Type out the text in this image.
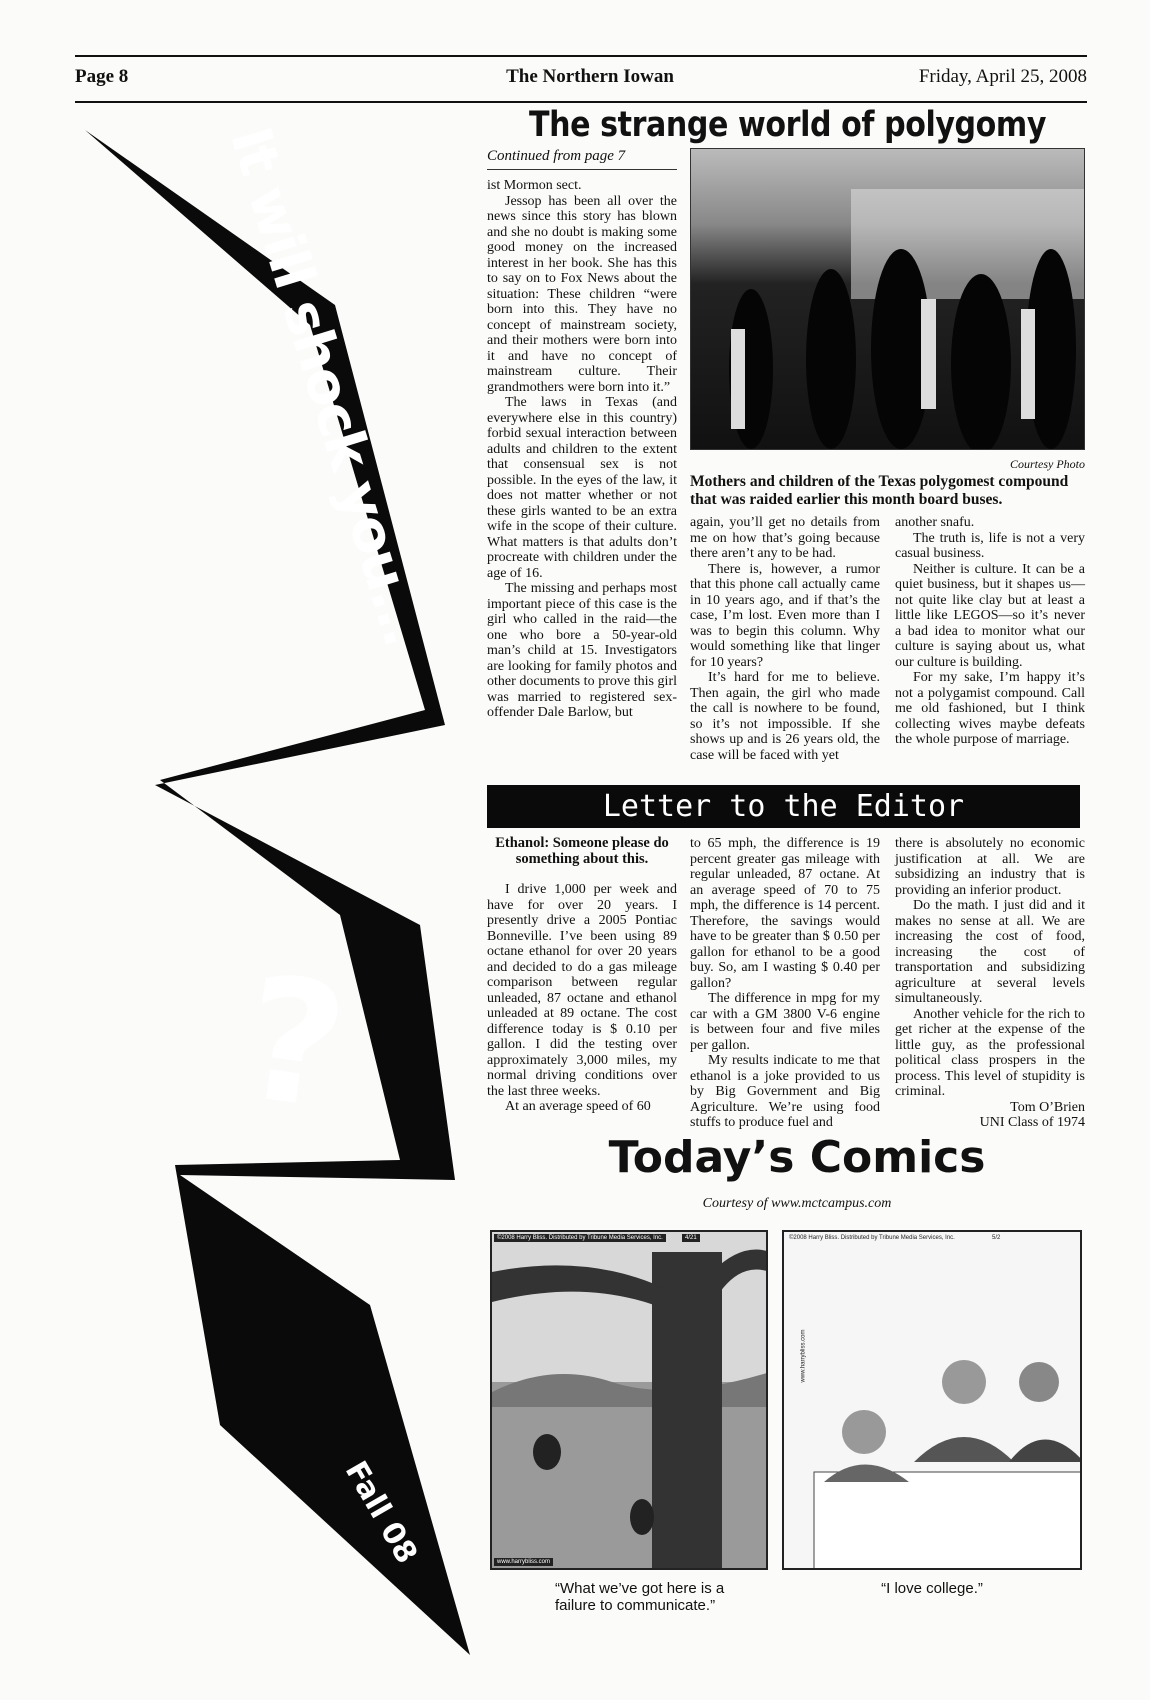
Page 8	The Northern Iowan	Friday, April 25, 2008
It will shock you...
?
Fall 08
The strange world of polygomy
Continued from page 7

ist Mormon sect.

Jessop has been all over the news since this story has blown and she no doubt is making some good money on the increased interest in her book. She has this to say on to Fox News about the situation: These children “were born into this. They have no concept of mainstream society, and their mothers were born into it and have no concept of mainstream culture. Their grandmothers were born into it.”

The laws in Texas (and everywhere else in this country) forbid sexual interaction between adults and children to the extent that consensual sex is not possible. In the eyes of the law, it does not matter whether or not these girls wanted to be an extra wife in the scope of their culture. What matters is that adults don’t procreate with children under the age of 16.

The missing and perhaps most important piece of this case is the girl who called in the raid—the one who bore a 50-year-old man’s child at 15. Investigators are looking for family photos and other documents to prove this girl was married to registered sex-offender Dale Barlow, but

Courtesy Photo
Mothers and children of the Texas polygomest compound that was raided earlier this month board buses.

again, you’ll get no details from me on how that’s going because there aren’t any to be had.

There is, however, a rumor that this phone call actually came in 10 years ago, and if that’s the case, I’m lost. Even more than I was to begin this column. Why would something like that linger for 10 years?

It’s hard for me to believe. Then again, the girl who made the call is nowhere to be found, so it’s not impossible. If she shows up and is 26 years old, the case will be faced with yet

another snafu.

The truth is, life is not a very casual business.

Neither is culture. It can be a quiet business, but it shapes us—not quite like clay but at least a little like LEGOS—so it’s never a bad idea to monitor what our culture is saying about us, what our culture is building.

For my sake, I’m happy it’s not a polygamist compound. Call me old fashioned, but I think collecting wives maybe defeats the whole purpose of marriage.

Letter to the Editor

Ethanol: Someone please do something about this.

I drive 1,000 per week and have for over 20 years. I presently drive a 2005 Pontiac Bonneville. I’ve been using 89 octane ethanol for over 20 years and decided to do a gas mileage comparison between regular unleaded, 87 octane and ethanol unleaded at 89 octane. The cost difference today is $ 0.10 per gallon. I did the testing over approximately 3,000 miles, my normal driving conditions over the last three weeks.

At an average speed of 60

to 65 mph, the difference is 19 percent greater gas mileage with regular unleaded, 87 octane. At an average speed of 70 to 75 mph, the difference is 14 percent. Therefore, the savings would have to be greater than $ 0.50 per gallon for ethanol to be a good buy. So, am I wasting $ 0.40 per gallon?

The difference in mpg for my car with a GM 3800 V-6 engine is between four and five miles per gallon.

My results indicate to me that ethanol is a joke provided to us by Big Government and Big Agriculture. We’re using food stuffs to produce fuel and

there is absolutely no economic justification at all. We are subsidizing an industry that is providing an inferior product.

Do the math. I just did and it makes no sense at all. We are increasing the cost of food, increasing the cost of transportation and subsidizing agriculture at several levels simultaneously.

Another vehicle for the rich to get richer at the expense of the little guy, as the professional political class prospers in the process. This level of stupidity is criminal.

Tom O’Brien

UNI Class of 1974

Today’s Comics
Courtesy of www.mctcampus.com
©2008 Harry Bliss. Distributed by Tribune Media Services, Inc.	4/21
www.harrybliss.com
“What we’ve got here is a failure to communicate.”
©2008 Harry Bliss. Distributed by Tribune Media Services, Inc.	5/2
www.harrybliss.com
“I love college.”
